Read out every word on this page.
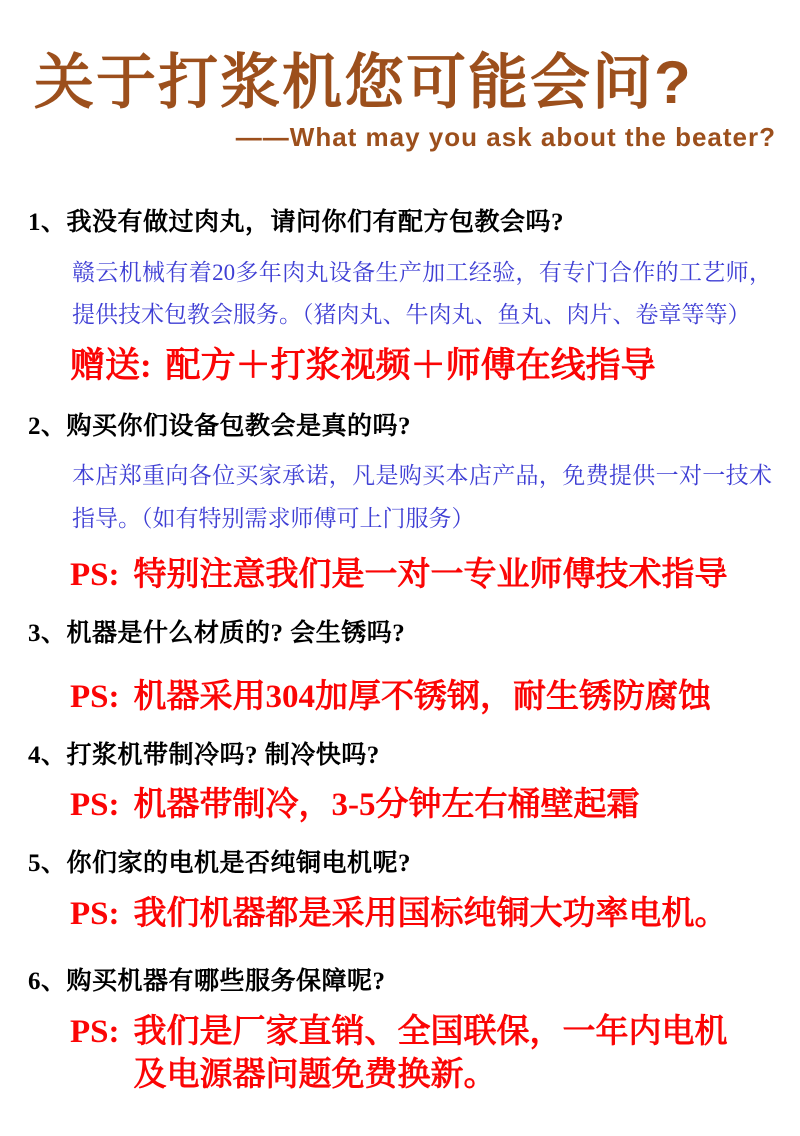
关于打浆机您可能会问?
——What may you ask about the beater?
1、我没有做过肉丸，请问你们有配方包教会吗?
赣云机械有着20多年肉丸设备生产加工经验，有专门合作的工艺师，提供技术包教会服务。（猪肉丸、牛肉丸、鱼丸、肉片、卷章等等）
赠送: 配方＋打浆视频＋师傅在线指导
2、购买你们设备包教会是真的吗?
本店郑重向各位买家承诺，凡是购买本店产品，免费提供一对一技术指导。（如有特别需求师傅可上门服务）
PS: 特别注意我们是一对一专业师傅技术指导
3、机器是什么材质的? 会生锈吗?
PS: 机器采用304加厚不锈钢，耐生锈防腐蚀
4、打浆机带制冷吗? 制冷快吗?
PS: 机器带制冷，3-5分钟左右桶壁起霜
5、你们家的电机是否纯铜电机呢?
PS: 我们机器都是采用国标纯铜大功率电机。
6、购买机器有哪些服务保障呢?
PS: 我们是厂家直销、全国联保，一年内电机及电源器问题免费换新。
